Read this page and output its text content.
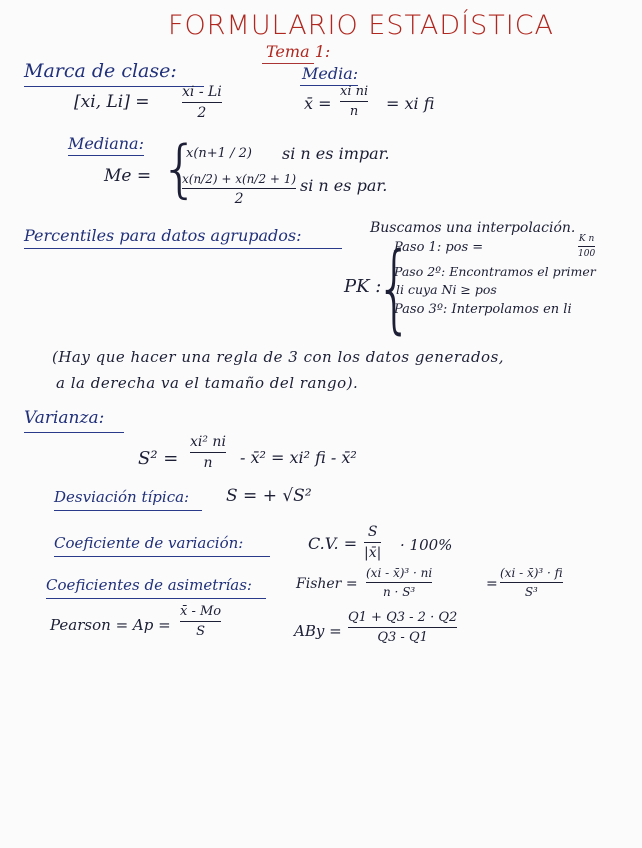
FORMULARIO ESTADÍSTICA
Tema 1:
Marca de clase:
[xi, Li] = xi - Li
2
Media:
x̄ =
xi ni
n = xi fi
Mediana:
Me = {
x(n+1 / 2) si n es impar.
x(n/2) + x(n/2 + 1)
2
si n es par.
Percentiles para datos agrupados:	Buscamos una interpolación.
PK :
{
Paso 1: pos =
K n
100
Paso 2º: Encontramos el primer
li cuya Ni ≥ pos
Paso 3º: Interpolamos en li
(Hay que hacer una regla de 3 con los datos generados,
a la derecha va el tamaño del rango).
Varianza:
S² =
xi² ni
n - x̄² = xi² fi - x̄²
Desviación típica: S = + √S²
Coeficiente de variación:	C.V. =
S
|x̄| · 100%
Coeficientes de asimetrías:	Fisher =
(xi - x̄)³ · ni
n · S³	=
(xi - x̄)³ · fi
S³
Pearson = Ap =
x̄ - Mo
S	ABy =
Q1 + Q3 - 2 · Q2
Q3 - Q1
